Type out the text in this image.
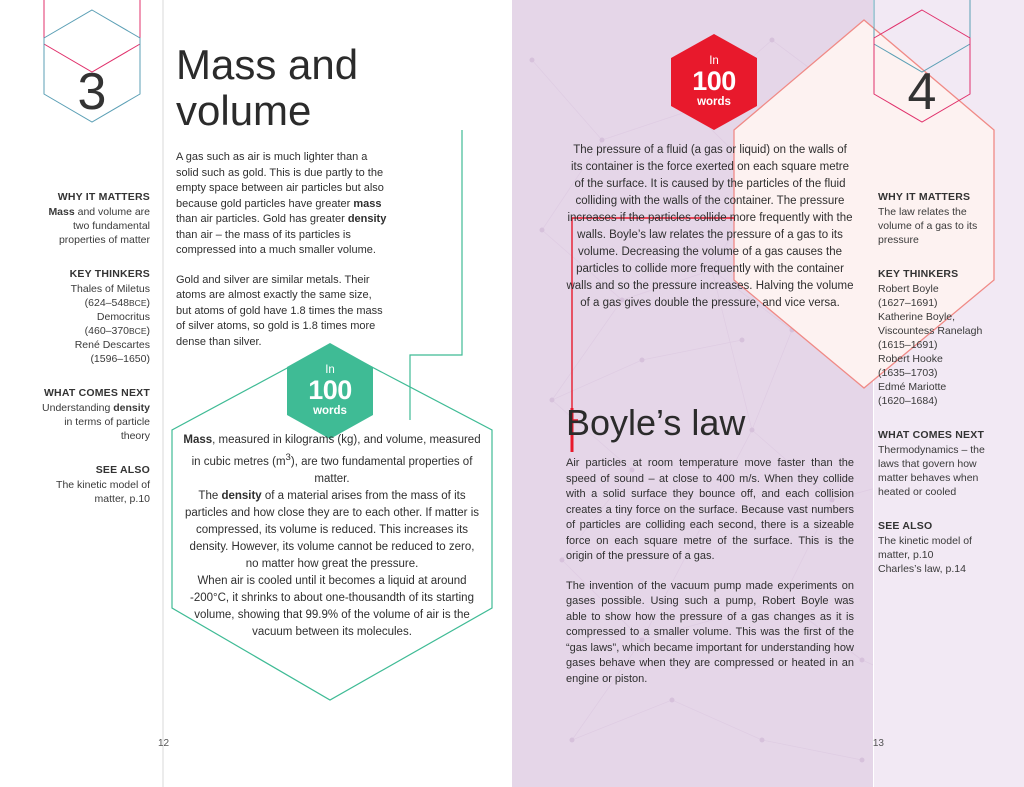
3	Mass and volume

A gas such as air is much lighter than a solid such as gold. This is due partly to the empty space between air particles but also because gold particles have greater mass than air particles. Gold has greater density than air – the mass of its particles is compressed into a much smaller volume.

Gold and silver are similar metals. Their atoms are almost exactly the same size, but atoms of gold have 1.8 times the mass of silver atoms, so gold is 1.8 times more dense than silver.

WHY IT MATTERS
Mass and volume are
two fundamental
properties of matter
KEY THINKERS
Thales of Miletus
(624–548BCE)
Democritus
(460–370BCE)
René Descartes
(1596–1650)
WHAT COMES NEXT
Understanding density
in terms of particle
theory
SEE ALSO
The kinetic model of
matter, p.10
In
100
words
Mass, measured in kilograms (kg), and volume, measured in cubic metres $(m^3)$, are two fundamental properties of matter.
The density of a material arises from the mass of its particles and how close they are to each other. If matter is compressed, its volume is reduced. This increases its density. However, its volume cannot be reduced to zero, no matter how great the pressure.
When air is cooled until it becomes a liquid at around -200°C, it shrinks to about one-thousandth of its starting volume, showing that 99.9% of the volume of air is the vacuum between its molecules.
12
4
In
100
words
The pressure of a fluid (a gas or liquid) on the walls of its container is the force exerted on each square metre of the surface. It is caused by the particles of the fluid colliding with the walls of the container. The pressure increases if the particles collide more frequently with the walls. Boyle’s law relates the pressure of a gas to its volume. Decreasing the volume of a gas causes the particles to collide more frequently with the container walls and so the pressure increases. Halving the volume of a gas gives double the pressure, and vice versa.
Boyle’s law

Air particles at room temperature move faster than the speed of sound – at close to 400 m/s. When they collide with a solid surface they bounce off, and each collision creates a tiny force on the surface. Because vast numbers of particles are colliding each second, there is a sizeable force on each square metre of the surface. This is the origin of the pressure of a gas.

The invention of the vacuum pump made experiments on gases possible. Using such a pump, Robert Boyle was able to show how the pressure of a gas changes as it is compressed to a smaller volume. This was the first of the “gas laws”, which became important for understanding how gases behave when they are compressed or heated in an engine or piston.

WHY IT MATTERS
The law relates the
volume of a gas to its
pressure
KEY THINKERS
Robert Boyle
(1627–1691)
Katherine Boyle,
Viscountess Ranelagh
(1615–1691)
Robert Hooke
(1635–1703)
Edmé Mariotte
(1620–1684)
WHAT COMES NEXT
Thermodynamics – the
laws that govern how
matter behaves when
heated or cooled
SEE ALSO
The kinetic model of
matter, p.10
Charles’s law, p.14
13
